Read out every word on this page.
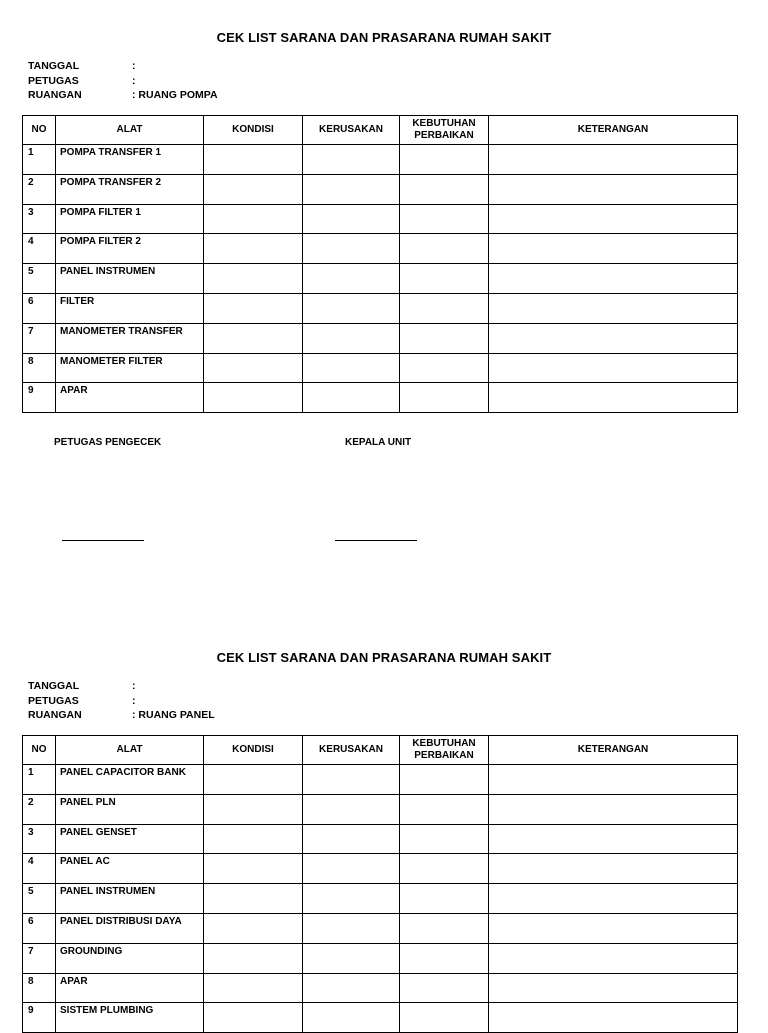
CEK LIST SARANA DAN PRASARANA RUMAH SAKIT
TANGGAL	:
PETUGAS	:
RUANGAN	: RUANG POMPA
NO	ALAT	KONDISI	KERUSAKAN	KEBUTUHAN PERBAIKAN	KETERANGAN
1	POMPA TRANSFER 1				
2	POMPA TRANSFER 2				
3	POMPA FILTER 1				
4	POMPA FILTER 2				
5	PANEL INSTRUMEN				
6	FILTER				
7	MANOMETER TRANSFER				
8	MANOMETER FILTER				
9	APAR				
PETUGAS PENGECEK	KEPALA UNIT
CEK LIST SARANA DAN PRASARANA RUMAH SAKIT
TANGGAL	:
PETUGAS	:
RUANGAN	: RUANG PANEL
NO	ALAT	KONDISI	KERUSAKAN	KEBUTUHAN PERBAIKAN	KETERANGAN
1	PANEL CAPACITOR BANK				
2	PANEL PLN				
3	PANEL GENSET				
4	PANEL AC				
5	PANEL INSTRUMEN				
6	PANEL DISTRIBUSI DAYA				
7	GROUNDING				
8	APAR				
9	SISTEM PLUMBING				
